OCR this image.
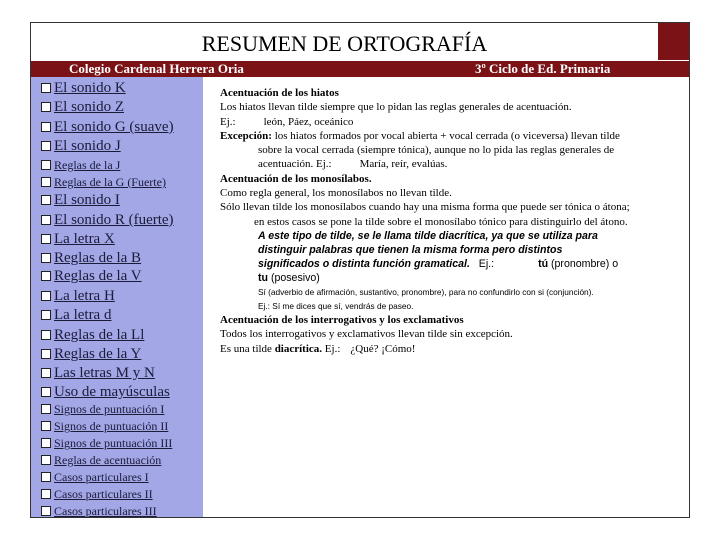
RESUMEN DE ORTOGRAFÍA
Colegio Cardenal Herrera Oria	3º Ciclo de Ed. Primaria
El sonido K
El sonido Z
El sonido G (suave)
El sonido J
Reglas de la J
Reglas de la G (Fuerte)
El sonido I
El sonido R (fuerte)
La letra X
Reglas de la B
Reglas de la V
La letra H
La letra d
Reglas de la Ll
Reglas de la Y
Las letras M y N
Uso de mayúsculas
Signos de puntuación I
Signos de puntuación II
Signos de puntuación III
Reglas de acentuación
Casos particulares I
Casos particulares II
Casos particulares III

Acentuación de los hiatos

Los hiatos llevan tilde siempre que lo pidan las reglas generales de acentuación.

Ej.:	león, Páez, oceánico

Excepción: los hiatos formados por vocal abierta + vocal cerrada (o viceversa) llevan tilde

sobre la vocal cerrada (siempre tónica), aunque no lo pida las reglas generales de

acentuación. Ej.:	María, reír, evalúas.

Acentuación de los monosílabos.

Como regla general, los monosílabos no llevan tilde.

Sólo llevan tilde los monosílabos cuando hay una misma forma que puede ser tónica o átona;

en estos casos se pone la tilde sobre el monosílabo tónico para distinguirlo del átono.

A este tipo de tilde, se le llama tilde diacrítica, ya que se utiliza para

distinguir palabras que tienen la misma forma pero distintos

significados o distinta función gramatical. Ej.:	tú (pronombre) o

tu (posesivo)

Sí (adverbio de afirmación, sustantivo, pronombre), para no confundirlo con si (conjunción).

Ej.: Sí me dices que sí, vendrás de paseo.

Acentuación de los interrogativos y los exclamativos

Todos los interrogativos y exclamativos llevan tilde sin excepción.

Es una tilde diacrítica. Ej.: ¿Qué? ¡Cómo!
